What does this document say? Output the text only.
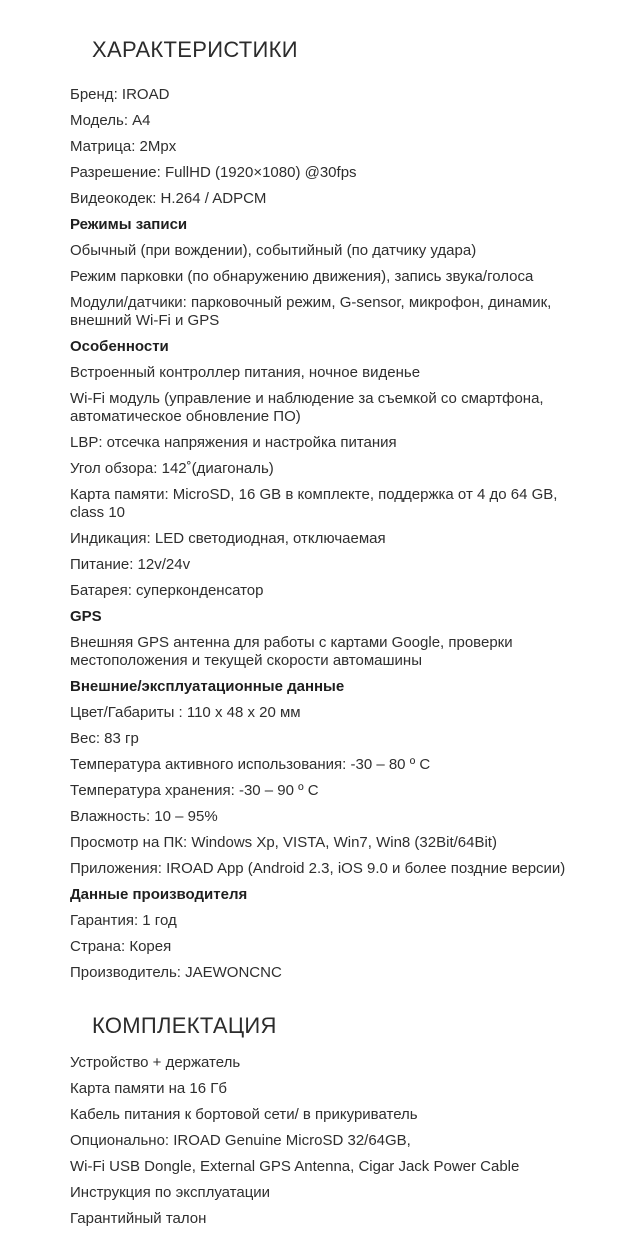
ХАРАКТЕРИСТИКИ

Бренд: IROAD

Модель: A4

Матрица: 2Mpx

Разрешение: FullHD (1920×1080) @30fps

Видеокодек: H.264 / ADPCM

Режимы записи

Обычный (при вождении), событийный (по датчику удара)

Режим парковки (по обнаружению движения), запись звука/голоса

Модули/датчики: парковочный режим, G-sensor, микрофон, динамик, внешний Wi-Fi и GPS

Особенности

Встроенный контроллер питания, ночное виденье

Wi-Fi модуль (управление и наблюдение за съемкой со смартфона, автоматическое обновление ПО)

LBP: отсечка напряжения и настройка питания

Угол обзора: 142˚(диагональ)

Карта памяти: MicroSD, 16 GB в комплекте, поддержка от 4 до 64 GB, class 10

Индикация: LED светодиодная, отключаемая

Питание: 12v/24v

Батарея: суперконденсатор

GPS

Внешняя GPS антенна для работы с картами Google, проверки местоположения и текущей скорости автомашины

Внешние/эксплуатационные данные

Цвет/Габариты : 110 x 48 x 20 мм

Вес: 83 гр

Температура активного использования: -30 – 80 º C

Температура хранения: -30 – 90 º C

Влажность: 10 – 95%

Просмотр на ПК: Windows Xp, VISTA, Win7, Win8 (32Bit/64Bit)

Приложения: IROAD App (Android 2.3, iOS 9.0 и более поздние версии)

Данные производителя

Гарантия: 1 год

Страна: Корея

Производитель: JAEWONCNC

КОМПЛЕКТАЦИЯ

Устройство + держатель

Карта памяти на 16 Гб

Кабель питания к бортовой сети/ в прикуриватель

Опционально: IROAD Genuine MicroSD 32/64GB,

Wi-Fi USB Dongle, External GPS Antenna, Cigar Jack Power Cable

Инструкция по эксплуатации

Гарантийный талон
